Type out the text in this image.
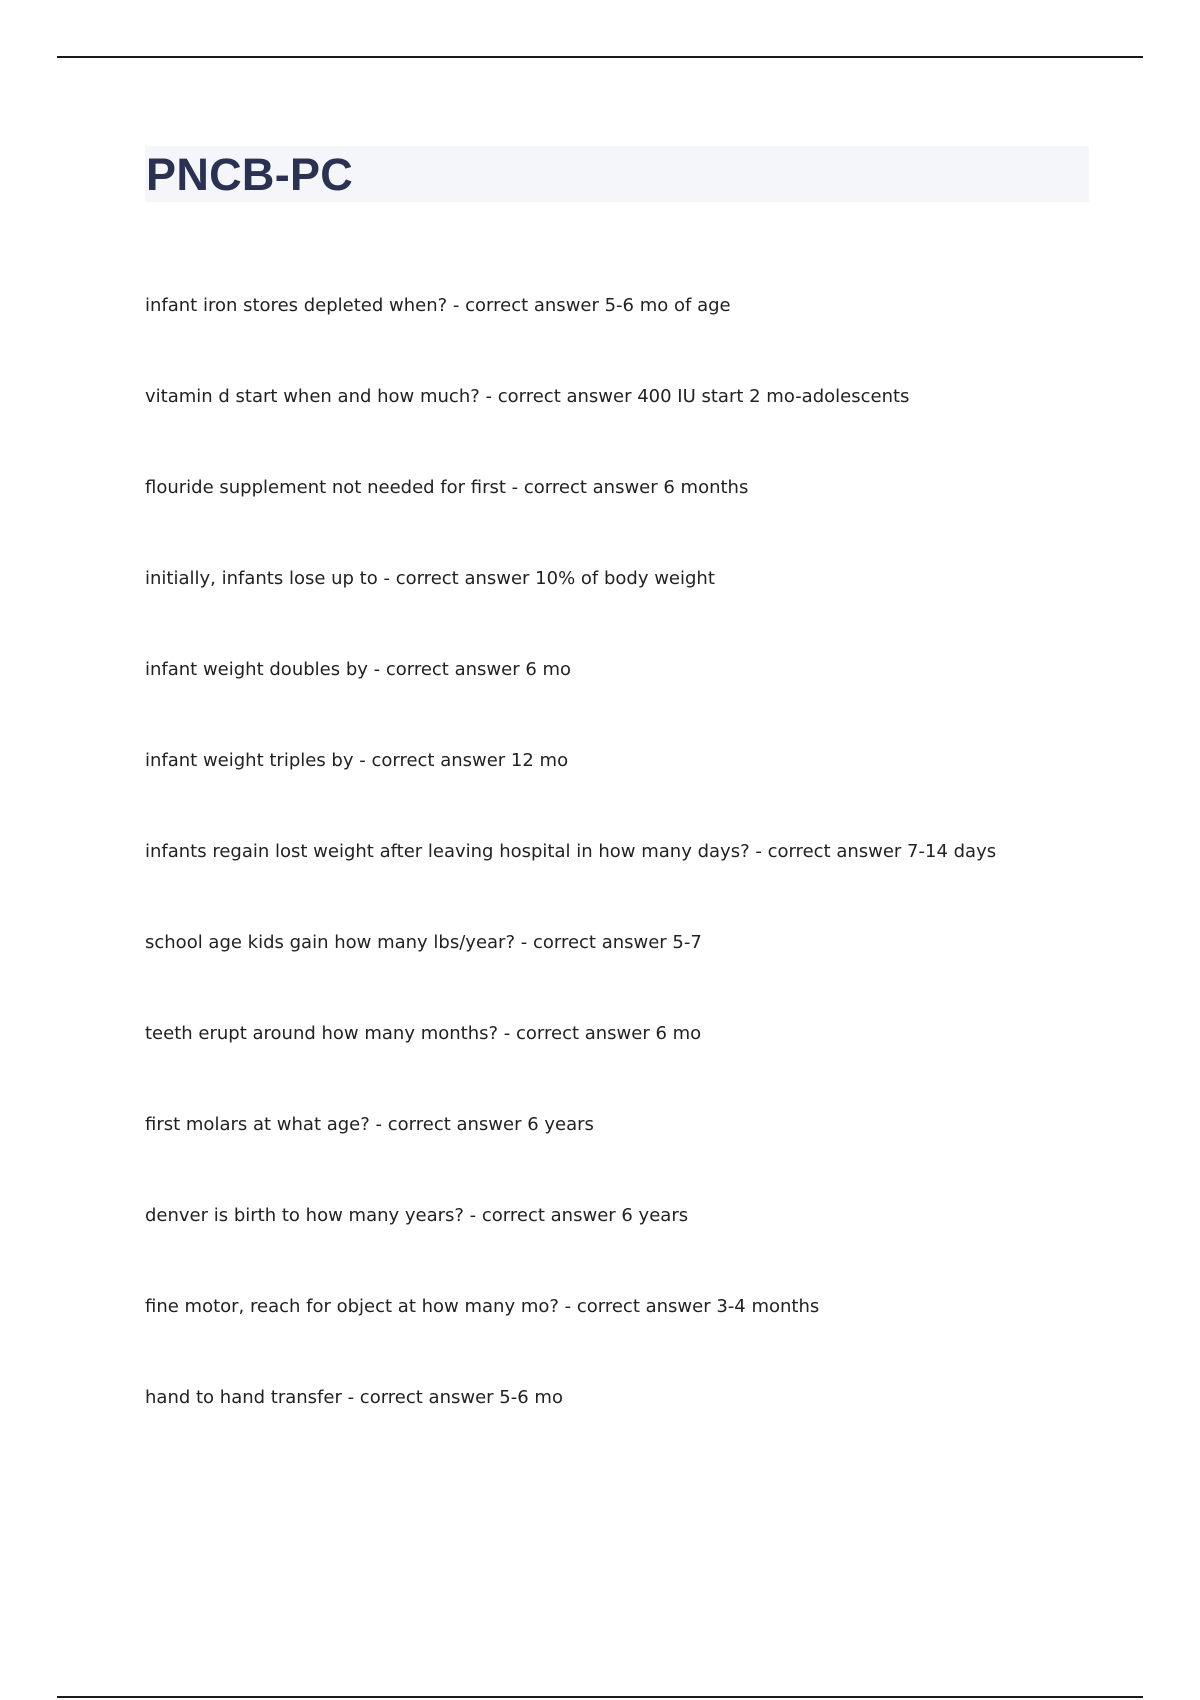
PNCB-PC
infant iron stores depleted when? - correct answer 5-6 mo of age
vitamin d start when and how much? - correct answer 400 IU start 2 mo-adolescents
flouride supplement not needed for first - correct answer 6 months
initially, infants lose up to - correct answer 10% of body weight
infant weight doubles by - correct answer 6 mo
infant weight triples by - correct answer 12 mo
infants regain lost weight after leaving hospital in how many days? - correct answer 7-14 days
school age kids gain how many lbs/year? - correct answer 5-7
teeth erupt around how many months? - correct answer 6 mo
first molars at what age? - correct answer 6 years
denver is birth to how many years? - correct answer 6 years
fine motor, reach for object at how many mo? - correct answer 3-4 months
hand to hand transfer - correct answer 5-6 mo
